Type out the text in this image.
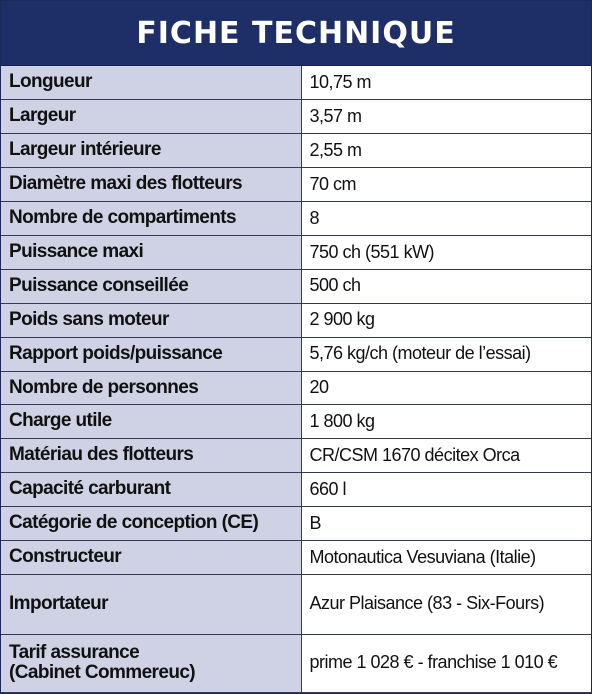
FICHE TECHNIQUE
Longueur	10,75 m
Largeur	3,57 m
Largeur intérieure	2,55 m
Diamètre maxi des flotteurs	70 cm
Nombre de compartiments	8
Puissance maxi	750 ch (551 kW)
Puissance conseillée	500 ch
Poids sans moteur	2 900 kg
Rapport poids/puissance	5,76 kg/ch (moteur de l’essai)
Nombre de personnes	20
Charge utile	1 800 kg
Matériau des flotteurs	CR/CSM 1670 décitex Orca
Capacité carburant	660 l
Catégorie de conception (CE)	B
Constructeur	Motonautica Vesuviana (Italie)
Importateur	Azur Plaisance (83 - Six-Fours)

Tarif assurance
(Cabinet Commereuc)	prime 1 028 € - franchise 1 010 €
